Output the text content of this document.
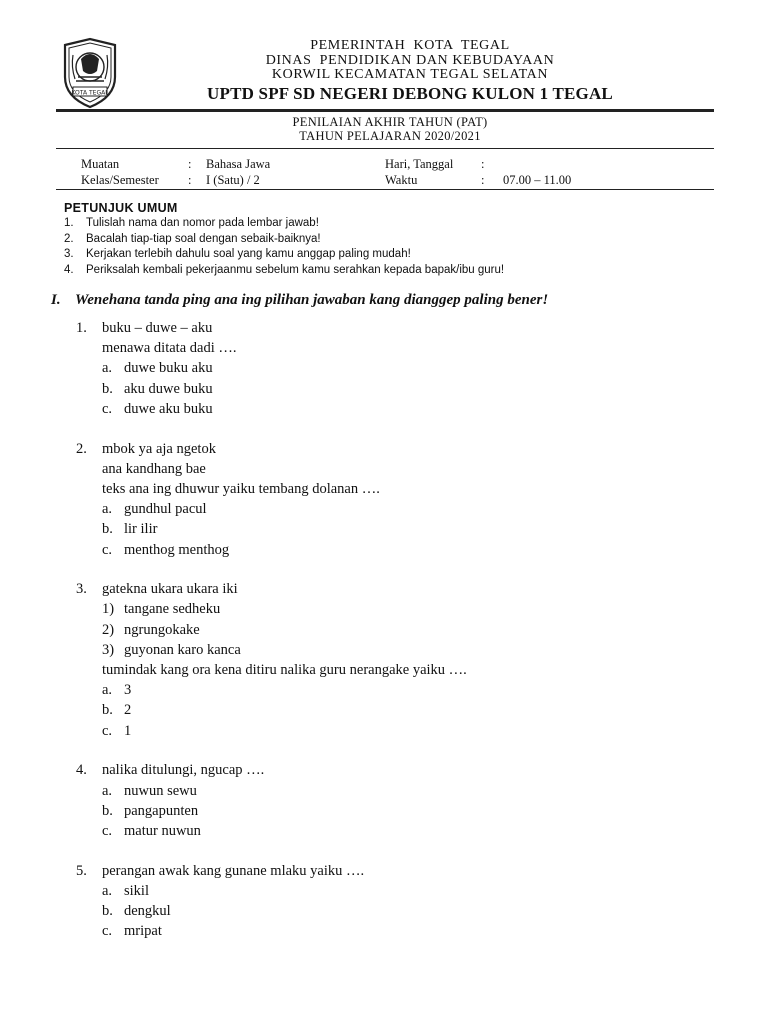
KOTA TEGAL
PEMERINTAH  KOTA  TEGAL
DINAS  PENDIDIKAN DAN KEBUDAYAAN
KORWIL KECAMATAN TEGAL SELATAN
UPTD SPF SD NEGERI DEBONG KULON 1 TEGAL
PENILAIAN AKHIR TAHUN (PAT)
TAHUN PELAJARAN 2020/2021
Muatan	: Bahasa Jawa	Hari, Tanggal :
Kelas/Semester : I (Satu) / 2	Waktu	: 07.00 – 11.00
PETUNJUK UMUM
1. Tulislah nama dan nomor pada lembar jawab!
2. Bacalah tiap-tiap soal dengan sebaik-baiknya!
3. Kerjakan terlebih dahulu soal yang kamu anggap paling mudah!
4. Periksalah kembali pekerjaanmu sebelum kamu serahkan kepada bapak/ibu guru!
I. Wenehana tanda ping ana ing pilihan jawaban kang dianggep paling bener!
1. buku – duwe – aku
menawa ditata dadi ….
a. duwe buku aku
b. aku duwe buku
c. duwe aku buku
2. mbok ya aja ngetok
ana kandhang bae
teks ana ing dhuwur yaiku tembang dolanan ….
a. gundhul pacul
b. lir ilir
c. menthog menthog
3. gatekna ukara ukara iki
1) tangane sedheku
2) ngrungokake
3) guyonan karo kanca
tumindak kang ora kena ditiru nalika guru nerangake yaiku ….
a. 3
b. 2
c. 1
4. nalika ditulungi, ngucap ….
a. nuwun sewu
b. pangapunten
c. matur nuwun
5. perangan awak kang gunane mlaku yaiku ….
a. sikil
b. dengkul
c. mripat
